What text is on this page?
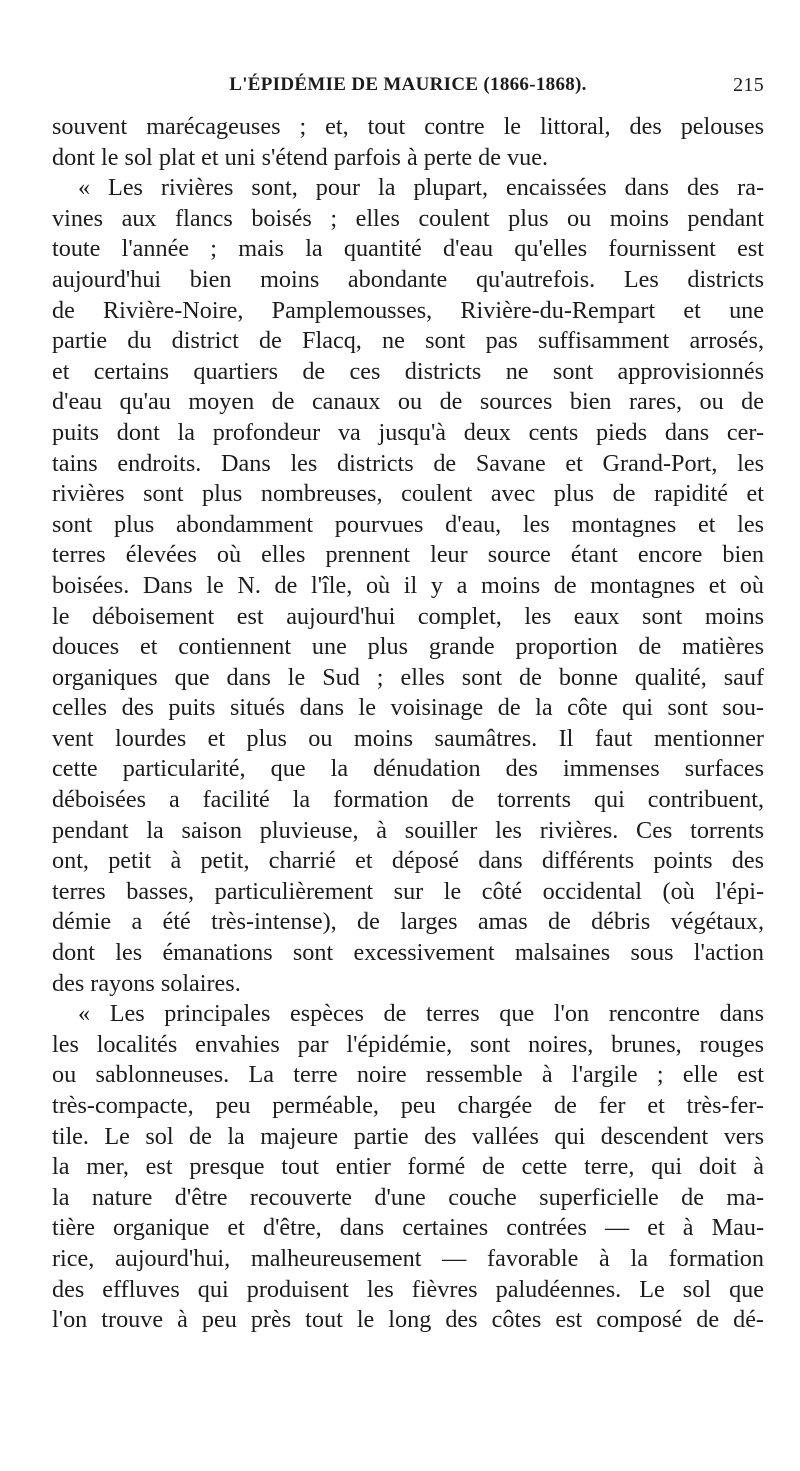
L'ÉPIDÉMIE DE MAURICE (1866-1868).	215
souvent marécageuses ; et, tout contre le littoral, des pelouses
dont le sol plat et uni s'étend parfois à perte de vue.
« Les rivières sont, pour la plupart, encaissées dans des ra-
vines aux flancs boisés ; elles coulent plus ou moins pendant
toute l'année ; mais la quantité d'eau qu'elles fournissent est
aujourd'hui bien moins abondante qu'autrefois. Les districts
de Rivière-Noire, Pamplemousses, Rivière-du-Rempart et une
partie du district de Flacq, ne sont pas suffisamment arrosés,
et certains quartiers de ces districts ne sont approvisionnés
d'eau qu'au moyen de canaux ou de sources bien rares, ou de
puits dont la profondeur va jusqu'à deux cents pieds dans cer-
tains endroits. Dans les districts de Savane et Grand-Port, les
rivières sont plus nombreuses, coulent avec plus de rapidité et
sont plus abondamment pourvues d'eau, les montagnes et les
terres élevées où elles prennent leur source étant encore bien
boisées. Dans le N. de l'île, où il y a moins de montagnes et où
le déboisement est aujourd'hui complet, les eaux sont moins
douces et contiennent une plus grande proportion de matières
organiques que dans le Sud ; elles sont de bonne qualité, sauf
celles des puits situés dans le voisinage de la côte qui sont sou-
vent lourdes et plus ou moins saumâtres. Il faut mentionner
cette particularité, que la dénudation des immenses surfaces
déboisées a facilité la formation de torrents qui contribuent,
pendant la saison pluvieuse, à souiller les rivières. Ces torrents
ont, petit à petit, charrié et déposé dans différents points des
terres basses, particulièrement sur le côté occidental (où l'épi-
démie a été très-intense), de larges amas de débris végétaux,
dont les émanations sont excessivement malsaines sous l'action
des rayons solaires.
« Les principales espèces de terres que l'on rencontre dans
les localités envahies par l'épidémie, sont noires, brunes, rouges
ou sablonneuses. La terre noire ressemble à l'argile ; elle est
très-compacte, peu perméable, peu chargée de fer et très-fer-
tile. Le sol de la majeure partie des vallées qui descendent vers
la mer, est presque tout entier formé de cette terre, qui doit à
la nature d'être recouverte d'une couche superficielle de ma-
tière organique et d'être, dans certaines contrées — et à Mau-
rice, aujourd'hui, malheureusement — favorable à la formation
des effluves qui produisent les fièvres paludéennes. Le sol que
l'on trouve à peu près tout le long des côtes est composé de dé-
